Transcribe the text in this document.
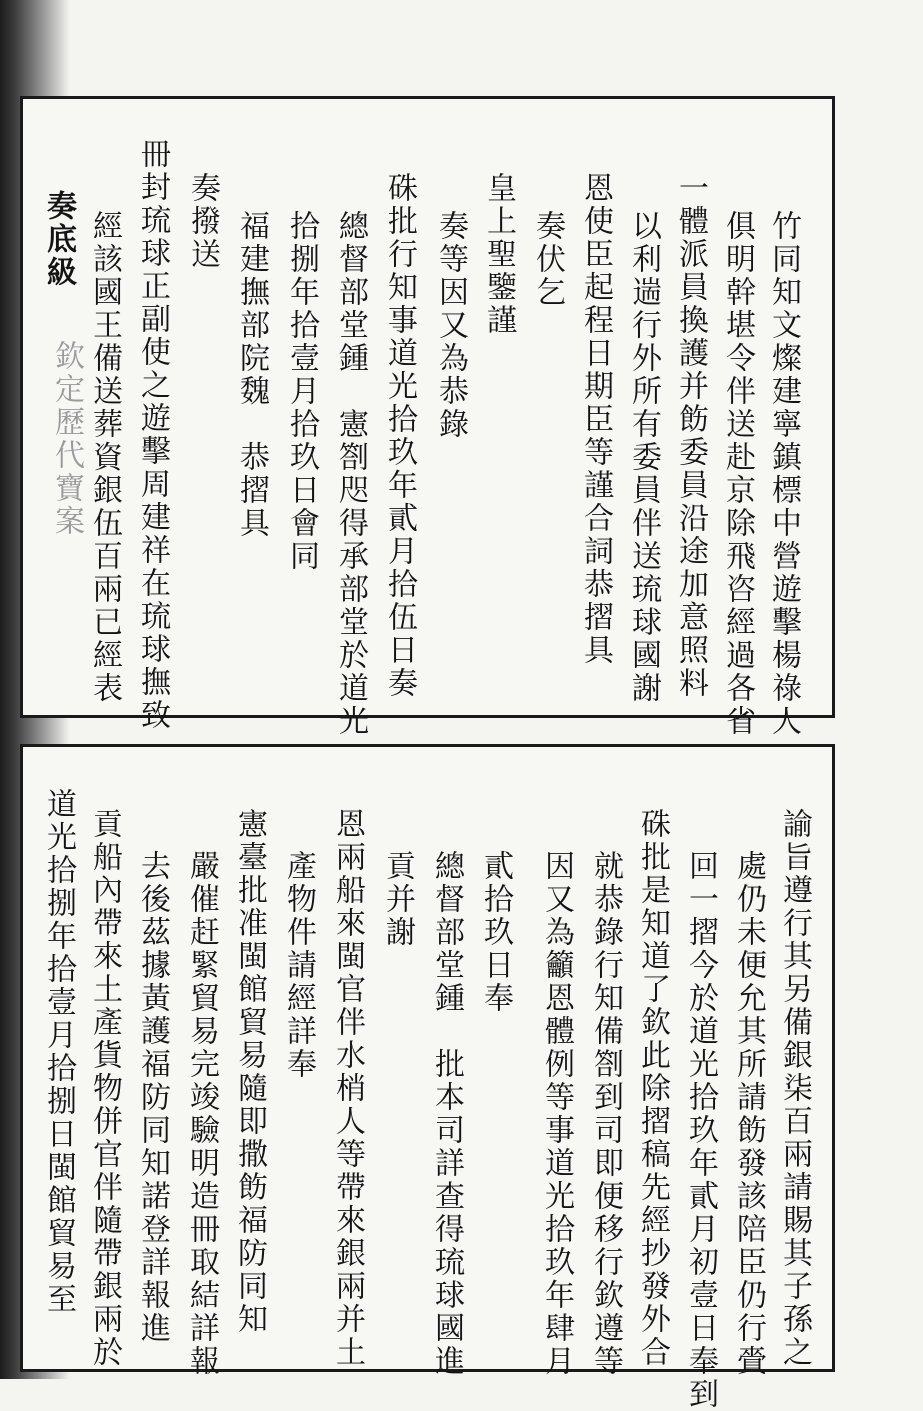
竹同知文燦建寧鎮標中營遊擊楊祿人
俱明幹堪令伴送赴京除飛咨經過各省
一體派員換護并飭委員沿途加意照料
以利遄行外所有委員伴送琉球國謝
恩使臣起程日期臣等謹合詞恭摺具
奏伏乞
皇上聖鑒謹
奏等因又為恭錄
硃批行知事道光拾玖年貳月拾伍日奏
總督部堂鍾　憲劄咫得承部堂於道光
拾捌年拾壹月拾玖日會同
福建撫部院魏　恭摺具
奏撥送
冊封琉球正副使之遊擊周建祥在琉球撫致
經該國王備送葬資銀伍百兩已經表
欽定歷代寶案
奏底級
諭旨遵行其另備銀柒百兩請賜其子孫之
處仍未便允其所請飭發該陪臣仍行賫
回一摺今於道光拾玖年貳月初壹日奉到
硃批是知道了欽此除摺稿先經抄發外合
就恭錄行知備劄到司即便移行欽遵等
因又為籲恩體例等事道光拾玖年肆月
貳拾玖日奉
總督部堂鍾　批本司詳查得琉球國進
貢并謝
恩兩船來閩官伴水梢人等帶來銀兩并土
產物件請經詳奉
憲臺批准閩館貿易隨即撒飭福防同知
嚴催赶緊貿易完竣驗明造冊取結詳報
去後茲據黃護福防同知諾登詳報進
貢船內帶來土產貨物併官伴隨帶銀兩於
道光拾捌年拾壹月拾捌日閩館貿易至
